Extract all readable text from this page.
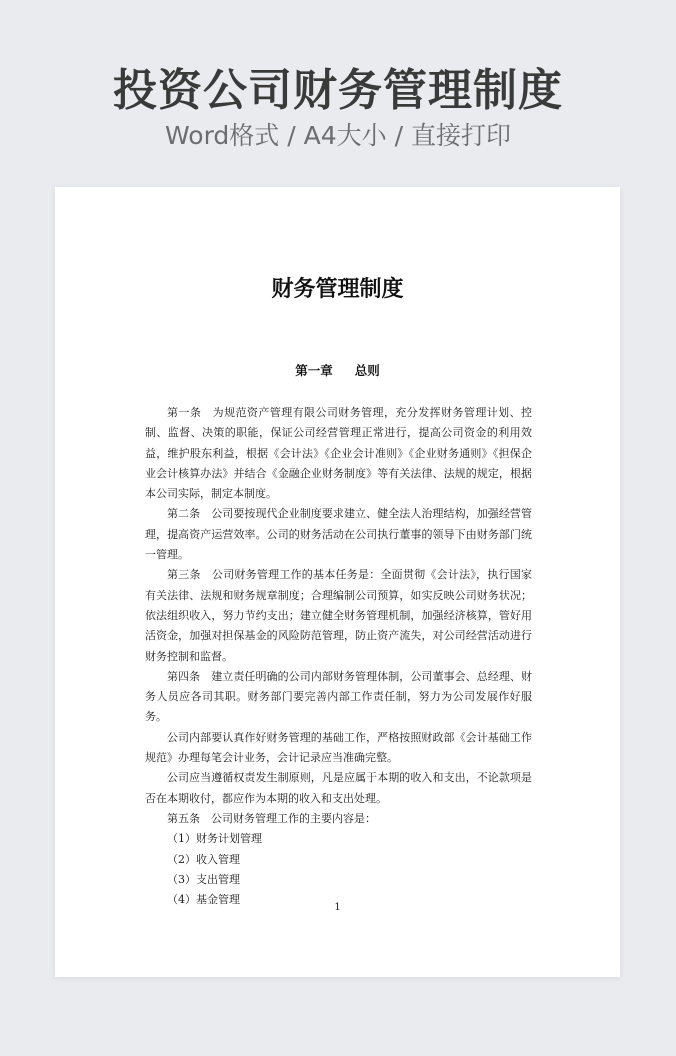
投资公司财务管理制度
Word格式 / A4大小 / 直接打印
财务管理制度
第一章 总则

第一条　为规范资产管理有限公司财务管理，充分发挥财务管理计划、控制、监督、决策的职能，保证公司经营管理正常进行，提高公司资金的利用效益，维护股东利益，根据《会计法》《企业会计准则》《企业财务通则》《担保企业会计核算办法》并结合《金融企业财务制度》等有关法律、法规的规定，根据本公司实际，制定本制度。

第二条　公司要按现代企业制度要求建立、健全法人治理结构，加强经营管理，提高资产运营效率。公司的财务活动在公司执行董事的领导下由财务部门统一管理。

第三条　公司财务管理工作的基本任务是：全面贯彻《会计法》，执行国家有关法律、法规和财务规章制度；合理编制公司预算，如实反映公司财务状况；依法组织收入，努力节约支出；建立健全财务管理机制，加强经济核算，管好用活资金，加强对担保基金的风险防范管理，防止资产流失，对公司经营活动进行财务控制和监督。

第四条　建立责任明确的公司内部财务管理体制，公司董事会、总经理、财务人员应各司其职。财务部门要完善内部工作责任制，努力为公司发展作好服务。

公司内部要认真作好财务管理的基础工作，严格按照财政部《会计基础工作规范》办理每笔会计业务，会计记录应当准确完整。

公司应当遵循权责发生制原则，凡是应属于本期的收入和支出，不论款项是否在本期收付，都应作为本期的收入和支出处理。

第五条　公司财务管理工作的主要内容是：

（1）财务计划管理

（2）收入管理

（3）支出管理

（4）基金管理

1
